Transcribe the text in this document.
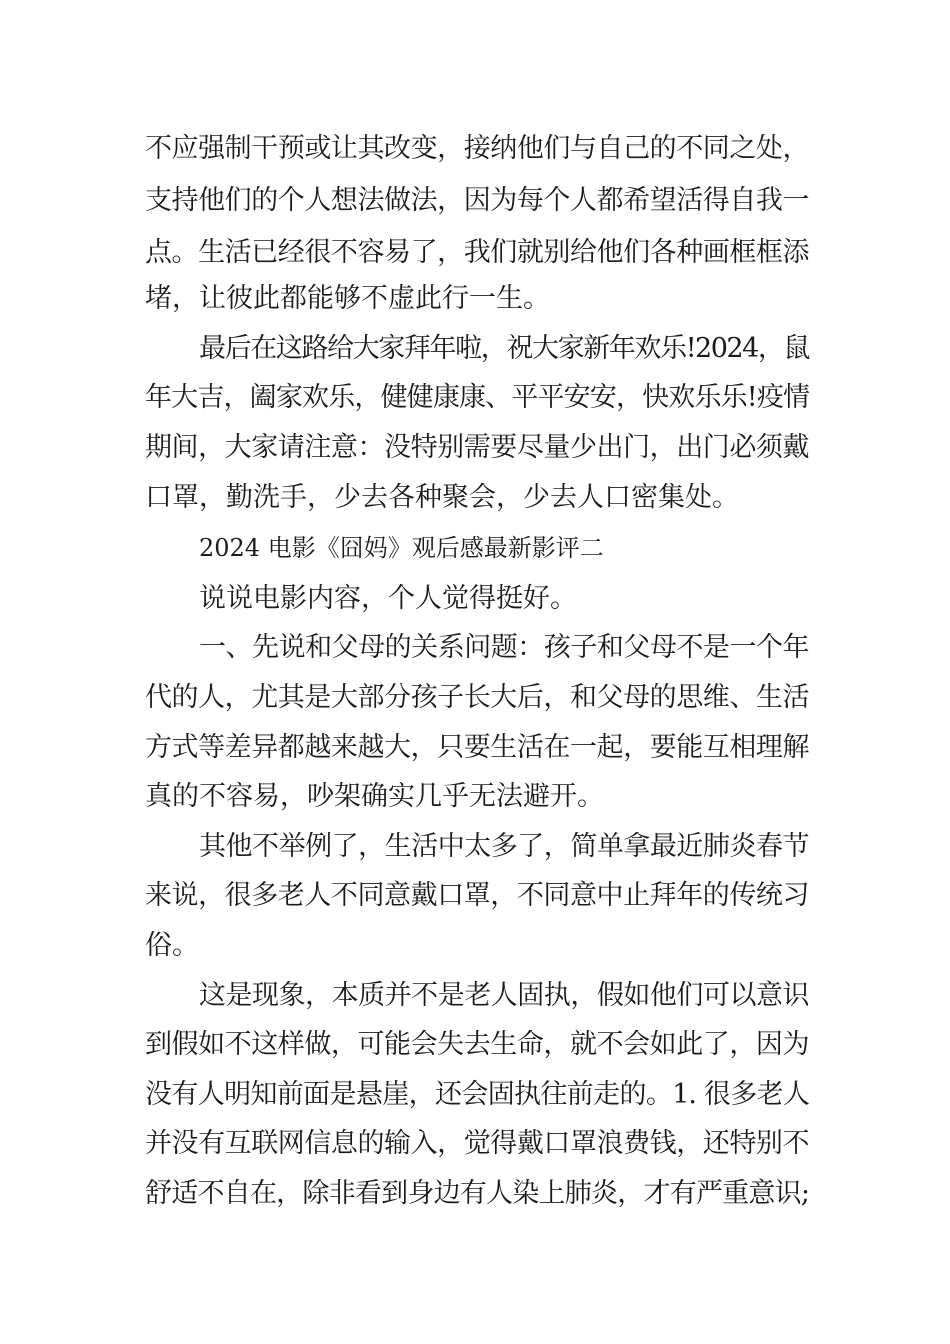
不应强制干预或让其改变，接纳他们与自己的不同之处，
支持他们的个人想法做法，因为每个人都希望活得自我一
点。生活已经很不容易了，我们就别给他们各种画框框添
堵，让彼此都能够不虚此行一生。
最后在这路给大家拜年啦，祝大家新年欢乐!2024，鼠
年大吉，阖家欢乐，健健康康、平平安安，快欢乐乐!疫情
期间，大家请注意：没特别需要尽量少出门，出门必须戴
口罩，勤洗手，少去各种聚会，少去人口密集处。
2024 电影《囧妈》观后感最新影评二
说说电影内容，个人觉得挺好。
一、先说和父母的关系问题：孩子和父母不是一个年
代的人，尤其是大部分孩子长大后，和父母的思维、生活
方式等差异都越来越大，只要生活在一起，要能互相理解
真的不容易，吵架确实几乎无法避开。
其他不举例了，生活中太多了，简单拿最近肺炎春节
来说，很多老人不同意戴口罩，不同意中止拜年的传统习
俗。
这是现象，本质并不是老人固执，假如他们可以意识
到假如不这样做，可能会失去生命，就不会如此了，因为
没有人明知前面是悬崖，还会固执往前走的。1. 很多老人
并没有互联网信息的输入，觉得戴口罩浪费钱，还特别不
舒适不自在，除非看到身边有人染上肺炎，才有严重意识;
